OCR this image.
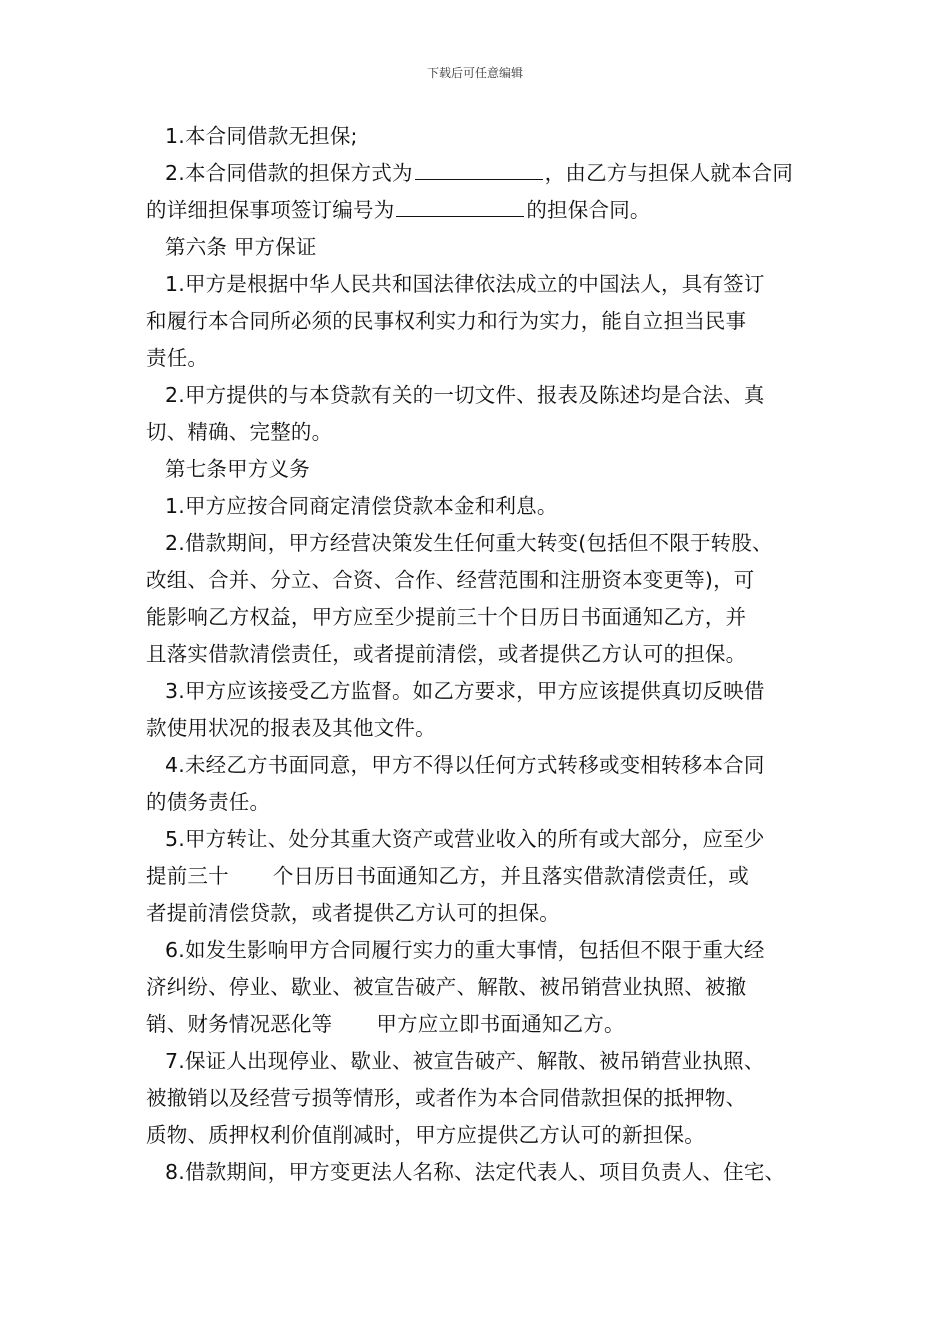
下载后可任意编辑
1.本合同借款无担保;
2.本合同借款的担保方式为	，由乙方与担保人就本合同
的详细担保事项签订编号为	的担保合同。
第六条 甲方保证
1.甲方是根据中华人民共和国法律依法成立的中国法人，具有签订
和履行本合同所必须的民事权利实力和行为实力，能自立担当民事
责任。
2.甲方提供的与本贷款有关的一切文件、报表及陈述均是合法、真
切、精确、完整的。
第七条甲方义务
1.甲方应按合同商定清偿贷款本金和利息。
2.借款期间，甲方经营决策发生任何重大转变(包括但不限于转股、
改组、合并、分立、合资、合作、经营范围和注册资本变更等)，可
能影响乙方权益，甲方应至少提前三十个日历日书面通知乙方，并
且落实借款清偿责任，或者提前清偿，或者提供乙方认可的担保。
3.甲方应该接受乙方监督。如乙方要求，甲方应该提供真切反映借
款使用状况的报表及其他文件。
4.未经乙方书面同意，甲方不得以任何方式转移或变相转移本合同
的债务责任。
5.甲方转让、处分其重大资产或营业收入的所有或大部分，应至少
提前三十 个日历日书面通知乙方，并且落实借款清偿责任，或
者提前清偿贷款，或者提供乙方认可的担保。
6.如发生影响甲方合同履行实力的重大事情，包括但不限于重大经
济纠纷、停业、歇业、被宣告破产、解散、被吊销营业执照、被撤
销、财务情况恶化等 甲方应立即书面通知乙方。
7.保证人出现停业、歇业、被宣告破产、解散、被吊销营业执照、
被撤销以及经营亏损等情形，或者作为本合同借款担保的抵押物、
质物、质押权利价值削减时，甲方应提供乙方认可的新担保。
8.借款期间，甲方变更法人名称、法定代表人、项目负责人、住宅、
